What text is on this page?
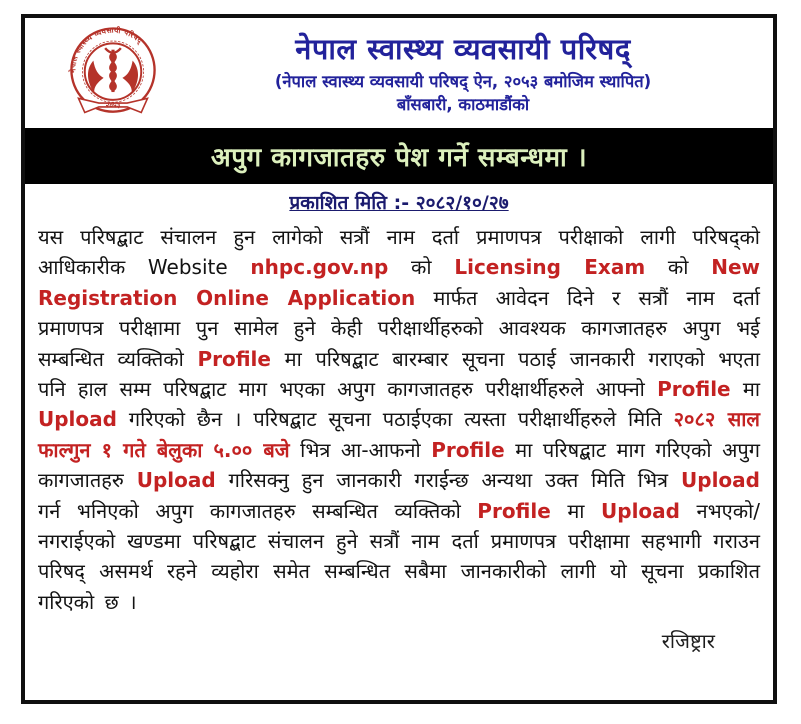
नेपाल स्वास्थ्य व्यवसायी परिषद्
२०५३
नेपाल स्वास्थ्य व्यवसायी परिषद्
(नेपाल स्वास्थ्य व्यवसायी परिषद् ऐन, २०५३ बमोजिम स्थापित)
बाँसबारी, काठमाडौंको
अपुग कागजातहरु पेश गर्ने सम्बन्धमा ।
प्रकाशित मिति :- २०८२/१०/२७
यस परिषद्बाट संचालन हुन लागेको सत्रौं नाम दर्ता प्रमाणपत्र परीक्षाको लागी परिषद्को आधिकारीक Website nhpc.gov.np को Licensing Exam को New Registration Online Application मार्फत आवेदन दिने र सत्रौं नाम दर्ता प्रमाणपत्र परीक्षामा पुन सामेल हुने केही परीक्षार्थीहरुको आवश्यक कागजातहरु अपुग भई सम्बन्धित व्यक्तिको Profile मा परिषद्बाट बारम्बार सूचना पठाई जानकारी गराएको भएता पनि हाल सम्म परिषद्बाट माग भएका अपुग कागजातहरु परीक्षार्थीहरुले आफ्नो Profile मा Upload गरिएको छैन । परिषद्बाट सूचना पठाईएका त्यस्ता परीक्षार्थीहरुले मिति २०८२ साल फाल्गुन १ गते बेलुका ५.०० बजे भित्र आ-आफनो Profile मा परिषद्बाट माग गरिएको अपुग कागजातहरु Upload गरिसक्नु हुन जानकारी गराईन्छ अन्यथा उक्त मिति भित्र Upload गर्न भनिएको अपुग कागजातहरु सम्बन्धित व्यक्तिको Profile मा Upload नभएको/नगराईएको खण्डमा परिषद्बाट संचालन हुने सत्रौं नाम दर्ता प्रमाणपत्र परीक्षामा सहभागी गराउन परिषद् असमर्थ रहने व्यहोरा समेत सम्बन्धित सबैमा जानकारीको लागी यो सूचना प्रकाशित गरिएको छ ।
रजिष्ट्रार
